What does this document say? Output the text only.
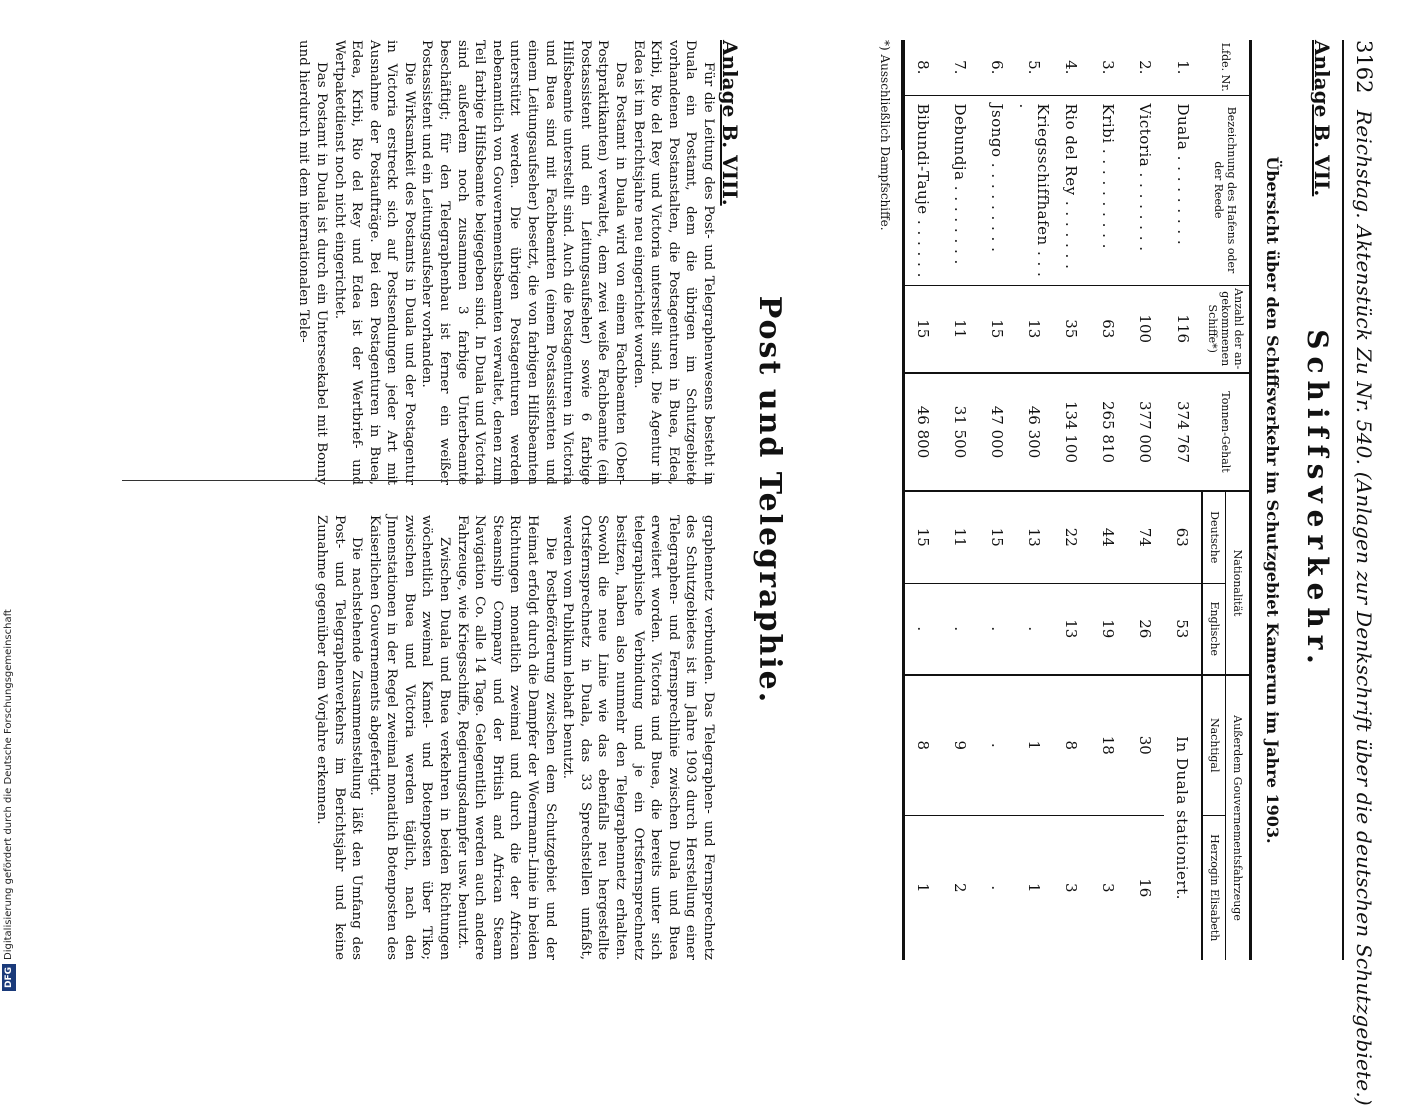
3162
Reichstag. Aktenstück Zu Nr. 540. (Anlagen zur Denkschrift über die deutschen Schutzgebiete.)
Anlage B. VII.
Schiffsverkehr.
Übersicht über den Schiffsverkehr im Schutzgebiet Kamerun im Jahre 1903.
Lfde. Nr.	Bezeichnung des Hafens oder der Reede	Anzahl der an-gekommenen Schiffe*)	Tonnen-Gehalt	Nationalität		Außerdem Gouvernementsfahrzeuge	
				Deutsche	Englische	Nachtigal	Herzogin Elisabeth
1.	Duala . . . . . . . . .	116	374 767	63	53	In Duala stationiert.	
2.	Victoria . . . . . . . .	100	377 000	74	26	30	16
3.	Kribi . . . . . . . . . .	63	265 810	44	19	18	3
4.	Rio del Rey . . . . . . .	35	134 100	22	13	8	3
5.	Kriegsschiffhafen . . . .	13	46 300	13	.	1	1
6.	Jsongo . . . . . . . . .	15	47 000	15	.	.	.
7.	Debundja . . . . . . . .	11	31 500	11	.	9	2
8.	Bibundi-Tauje . . . . . .	15	46 800	15	.	8	1
*) Ausschließlich Dampfschiffe.
Post und Telegraphie.
Anlage B. VIII.

Für die Leitung des Post- und Telegraphenwesens besteht in Duala ein Postamt, dem die übrigen im Schutzgebiete vorhandenen Postanstalten, die Postagenturen in Buea, Edea, Kribi, Rio del Rey und Victoria unterstellt sind. Die Agentur in Edea ist im Berichtsjahre neu eingerichtet worden.

Das Postamt in Duala wird von einem Fachbeamten (Ober-Postpraktikanten) verwaltet, dem zwei weiße Fachbeamte (ein Postassistent und ein Leitungsaufseher) sowie 6 farbige Hilfsbeamte unterstellt sind. Auch die Postagenturen in Victoria und Buea sind mit Fachbeamten (einem Postassistenten und einem Leitungsaufseher) besetzt, die von farbigen Hilfsbeamten unterstützt werden. Die übrigen Postagenturen werden nebenamtlich von Gouvernementsbeamten verwaltet, denen zum Teil farbige Hilfsbeamte beigegeben sind. In Duala und Victoria sind außerdem noch zusammen 3 farbige Unterbeamte beschäftigt; für den Telegraphenbau ist ferner ein weißer Postassistent und ein Leitungsaufseher vorhanden.

Die Wirksamkeit des Postamts in Duala und der Postagentur in Victoria erstreckt sich auf Postsendungen jeder Art mit Ausnahme der Postaufträge. Bei den Postagenturen in Buea, Edea, Kribi, Rio del Rey und Edea ist der Wertbrief- und Wertpaketdienst noch nicht eingerichtet.

Das Postamt in Duala ist durch ein Unterseekabel mit Bonny und hierdurch mit dem internationalen Tele-

graphennetz verbunden. Das Telegraphen- und Fernsprechnetz des Schutzgebietes ist im Jahre 1903 durch Herstellung einer Telegraphen- und Fernsprechlinie zwischen Duala und Buea erweitert worden. Victoria und Buea, die bereits unter sich telegraphische Verbindung und je ein Ortsfernsprechnetz besitzen, haben also nunmehr den Telegraphennetz erhalten. Sowohl die neue Linie wie das ebenfalls neu hergestellte Ortsfernsprechnetz in Duala, das 33 Sprechstellen umfaßt, werden vom Publikum lebhaft benutzt.

Die Postbeförderung zwischen dem Schutzgebiet und der Heimat erfolgt durch die Dampfer der Woermann-Linie in beiden Richtungen monatlich zweimal und durch die der African Steamship Company und der British and African Steam Navigation Co. alle 14 Tage. Gelegentlich werden auch andere Fahrzeuge, wie Kriegsschiffe, Regierungsdampfer usw. benutzt.

Zwischen Duala und Buea verkehren in beiden Richtungen wöchentlich zweimal Kamel- und Botenposten über Tiko; zwischen Buea und Victoria werden täglich, nach den Jnnenstationen in der Regel zweimal monatlich Botenposten des Kaiserlichen Gouvernements abgefertigt.

Die nachstehende Zusammenstellung läßt den Umfang des Post- und Telegraphenverkehrs im Berichtsjahr und keine Zunahme gegenüber dem Vorjahre erkennen.

DFGDigitalisierung gefördert durch die Deutsche Forschungsgemeinschaft
